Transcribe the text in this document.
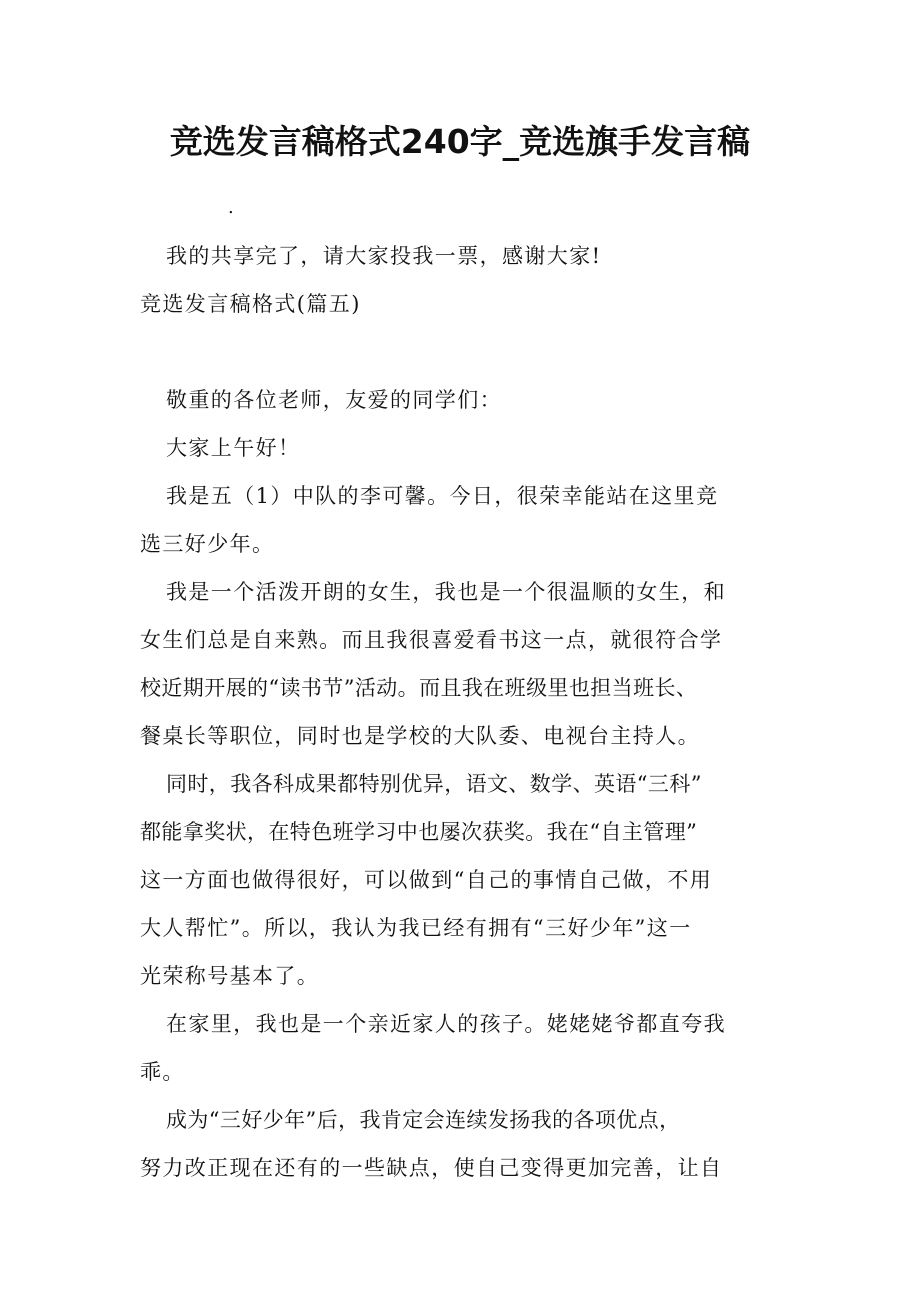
竞选发言稿格式240字_竞选旗手发言稿
.

我的共享完了，请大家投我一票，感谢大家!

竞选发言稿格式(篇五)

敬重的各位老师，友爱的同学们：

大家上午好！

我是五（1）中队的李可馨。今日，很荣幸能站在这里竞

选三好少年。

我是一个活泼开朗的女生，我也是一个很温顺的女生，和

女生们总是自来熟。而且我很喜爱看书这一点，就很符合学

校近期开展的“读书节”活动。而且我在班级里也担当班长、

餐桌长等职位，同时也是学校的大队委、电视台主持人。

同时，我各科成果都特别优异，语文、数学、英语“三科”

都能拿奖状，在特色班学习中也屡次获奖。我在“自主管理”

这一方面也做得很好，可以做到“自己的事情自己做，不用

大人帮忙”。所以，我认为我已经有拥有“三好少年”这一

光荣称号基本了。

在家里，我也是一个亲近家人的孩子。姥姥姥爷都直夸我

乖。

成为“三好少年”后，我肯定会连续发扬我的各项优点，

努力改正现在还有的一些缺点，使自己变得更加完善，让自
